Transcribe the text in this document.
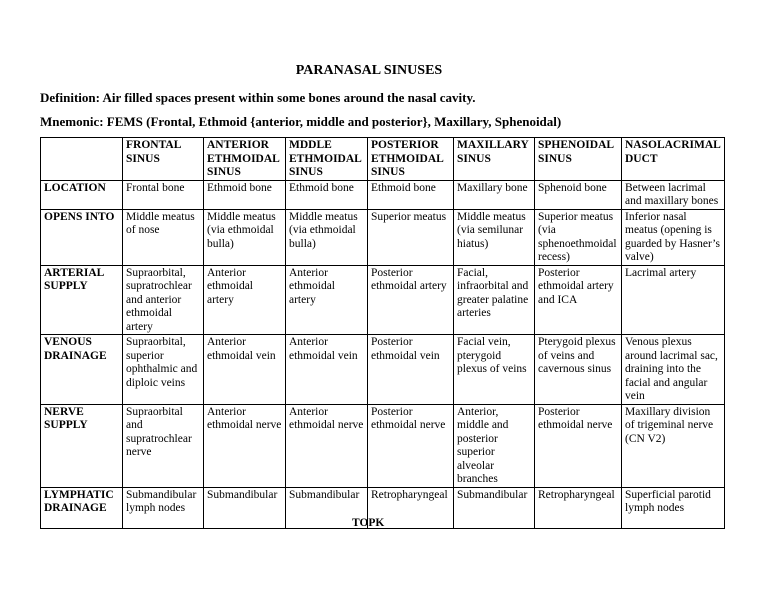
PARANASAL SINUSES
Definition: Air filled spaces present within some bones around the nasal cavity.
Mnemonic: FEMS (Frontal, Ethmoid {anterior, middle and posterior}, Maxillary, Sphenoidal)
	FRONTAL SINUS	ANTERIOR ETHMOIDAL SINUS	MDDLE ETHMOIDAL SINUS	POSTERIOR ETHMOIDAL SINUS	MAXILLARY SINUS	SPHENOIDAL SINUS	NASOLACRIMAL DUCT
LOCATION	Frontal bone	Ethmoid bone	Ethmoid bone	Ethmoid bone	Maxillary bone	Sphenoid bone	Between lacrimal and maxillary bones
OPENS INTO	Middle meatus of nose	Middle meatus (via ethmoidal bulla)	Middle meatus (via ethmoidal bulla)	Superior meatus	Middle meatus (via semilunar hiatus)	Superior meatus (via sphenoethmoidal recess)	Inferior nasal meatus (opening is guarded by Hasner’s valve)
ARTERIAL SUPPLY	Supraorbital, supratrochlear and anterior ethmoidal artery	Anterior ethmoidal artery	Anterior ethmoidal artery	Posterior ethmoidal artery	Facial, infraorbital and greater palatine arteries	Posterior ethmoidal artery and ICA	Lacrimal artery
VENOUS DRAINAGE	Supraorbital, superior ophthalmic and diploic veins	Anterior ethmoidal vein	Anterior ethmoidal vein	Posterior ethmoidal vein	Facial vein, pterygoid plexus of veins	Pterygoid plexus of veins and cavernous sinus	Venous plexus around lacrimal sac, draining into the facial and angular vein
NERVE SUPPLY	Supraorbital and supratrochlear nerve	Anterior ethmoidal nerve	Anterior ethmoidal nerve	Posterior ethmoidal nerve	Anterior, middle and posterior superior alveolar branches	Posterior ethmoidal nerve	Maxillary division of trigeminal nerve (CN V2)
LYMPHATIC DRAINAGE	Submandibular lymph nodes	Submandibular	Submandibular	Retropharyngeal	Submandibular	Retropharyngeal	Superficial parotid lymph nodes
TOPK
